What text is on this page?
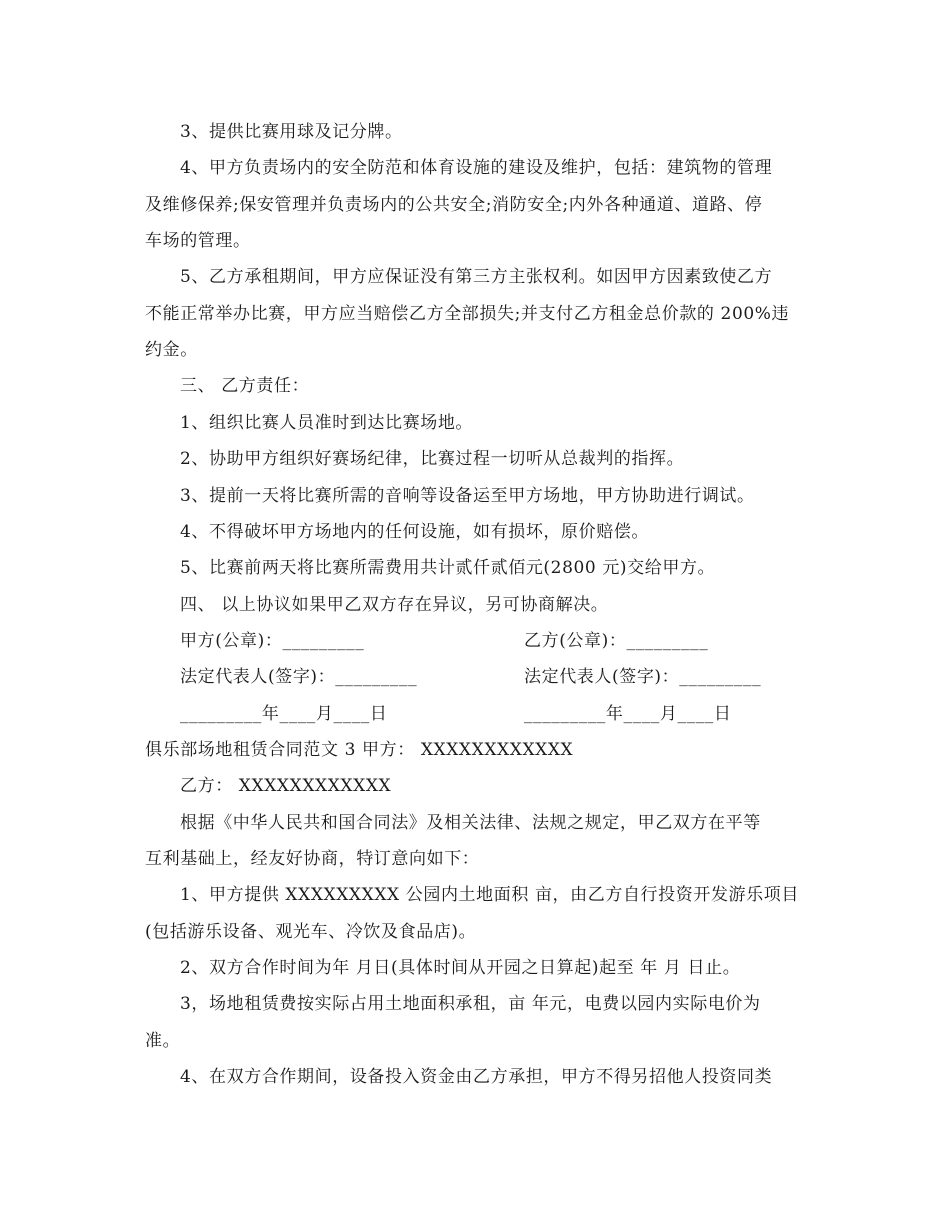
3、提供比赛用球及记分牌。
4、甲方负责场内的安全防范和体育设施的建设及维护，包括：建筑物的管理
及维修保养;保安管理并负责场内的公共安全;消防安全;内外各种通道、道路、停
车场的管理。
5、乙方承租期间，甲方应保证没有第三方主张权利。如因甲方因素致使乙方
不能正常举办比赛，甲方应当赔偿乙方全部损失;并支付乙方租金总价款的 200%违
约金。
三、 乙方责任：
1、组织比赛人员准时到达比赛场地。
2、协助甲方组织好赛场纪律，比赛过程一切听从总裁判的指挥。
3、提前一天将比赛所需的音响等设备运至甲方场地，甲方协助进行调试。
4、不得破坏甲方场地内的任何设施，如有损坏，原价赔偿。
5、比赛前两天将比赛所需费用共计贰仟贰佰元(2800 元)交给甲方。
四、 以上协议如果甲乙双方存在异议，另可协商解决。
甲方(公章)：_________	乙方(公章)：_________
法定代表人(签字)：_________	法定代表人(签字)：_________
_________年____月____日	_________年____月____日
俱乐部场地租赁合同范文 3 甲方： XXXXXXXXXXXX
乙方： XXXXXXXXXXXX
根据《中华人民共和国合同法》及相关法律、法规之规定，甲乙双方在平等
互利基础上，经友好协商，特订意向如下：
1、甲方提供 XXXXXXXXX 公园内土地面积 亩，由乙方自行投资开发游乐项目
(包括游乐设备、观光车、冷饮及食品店)。
2、双方合作时间为年 月日(具体时间从开园之日算起)起至 年 月 日止。
3，场地租赁费按实际占用土地面积承租，亩 年元，电费以园内实际电价为
准。
4、在双方合作期间，设备投入资金由乙方承担，甲方不得另招他人投资同类
